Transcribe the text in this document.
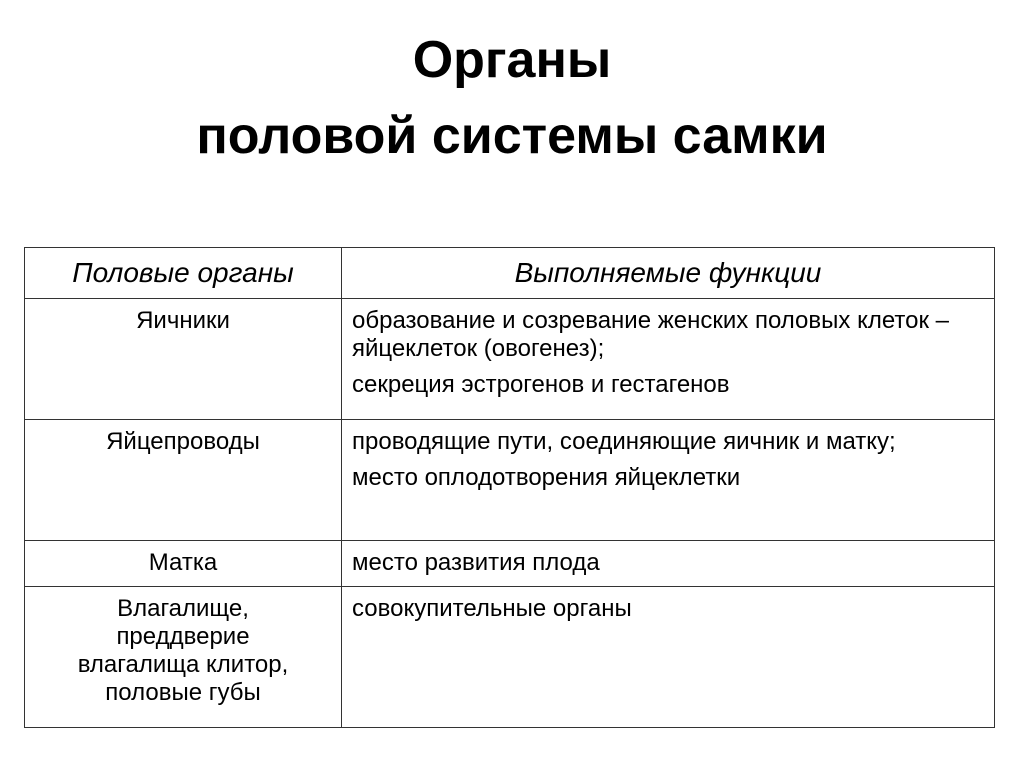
Органы
половой системы самки
Половые органы	Выполняемые функции

Яичники	образование и созревание женских половых клеток – яйцеклеток (овогенез);
секреция эстрогенов и гестагенов

Яйцепроводы	проводящие пути, соединяющие яичник и матку;
место оплодотворения яйцеклетки

Матка	место развития плода

Влагалище,
преддверие
влагалища клитор,
половые губы	совокупительные органы
